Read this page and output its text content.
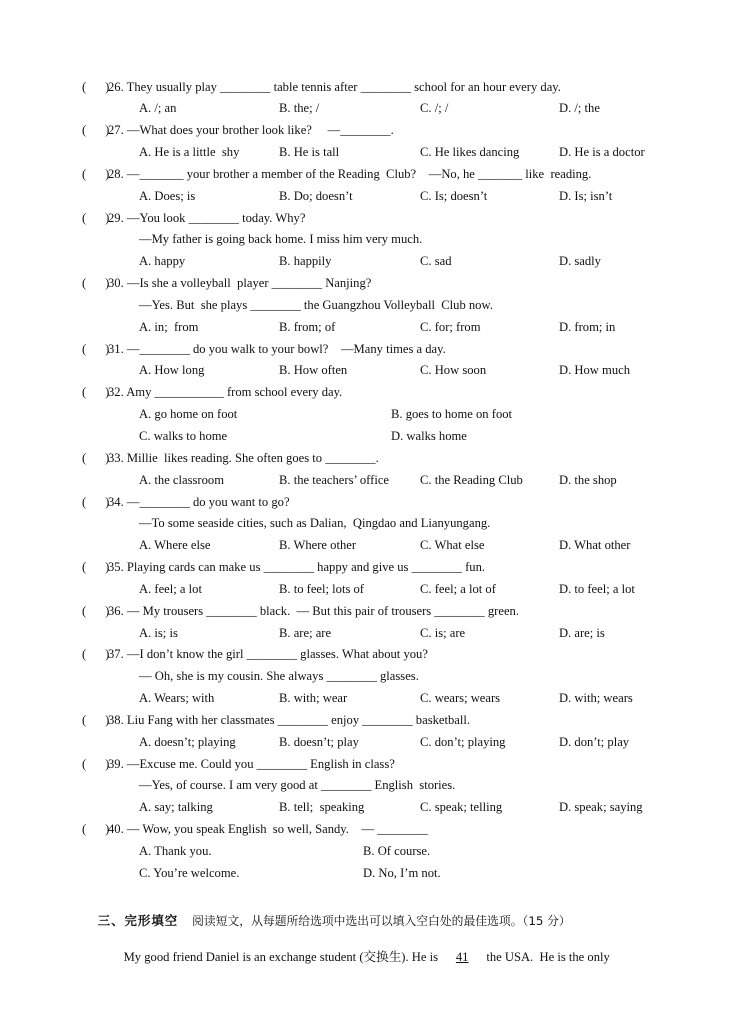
(      )
26. They usually play ________ table tennis after ________ school for an hour every day.
A. /; an	B. the; /	C. /; /	D. /; the
(      )
27. —What does your brother look like?     —________.
A. He is a little  shy	B. He is tall	C. He likes dancing	D. He is a doctor
(      )
28. —_______ your brother a member of the Reading  Club?    —No, he _______ like  reading.
A. Does; is	B. Do; doesn’t	C. Is; doesn’t	D. Is; isn’t
(      )
29. —You look ________ today. Why?
—My father is going back home. I miss him very much.
A. happy	B. happily	C. sad	D. sadly
(      )
30. —Is she a volleyball  player ________ Nanjing?
—Yes. But  she plays ________ the Guangzhou Volleyball  Club now.
A. in;  from	B. from; of	C. for; from	D. from; in
(      )
31. —________ do you walk to your bowl?    —Many times a day.
A. How long	B. How often	C. How soon	D. How much
(      )
32. Amy ___________ from school every day.
A. go home on foot	B. goes to home on foot
C. walks to home	D. walks home
(      )
33. Millie  likes reading. She often goes to ________.
A. the classroom	B. the teachers’ office C. the Reading Club	D. the shop
(      )
34. —________ do you want to go?
—To some seaside cities, such as Dalian,  Qingdao and Lianyungang.
A. Where else	B. Where other	C. What else	D. What other
(      )
35. Playing cards can make us ________ happy and give us ________ fun.
A. feel; a lot	B. to feel; lots of	C. feel; a lot of	D. to feel; a lot
(      )
36. — My trousers ________ black.  — But this pair of trousers ________ green.
A. is; is	B. are; are	C. is; are	D. are; is
(      )
37. —I don’t know the girl ________ glasses. What about you?
— Oh, she is my cousin. She always ________ glasses.
A. Wears; with	B. with; wear	C. wears; wears	D. with; wears
(      )
38. Liu Fang with her classmates ________ enjoy ________ basketball.
A. doesn’t; playing	B. doesn’t; play	C. don’t; playing	D. don’t; play
(      )
39. —Excuse me. Could you ________ English in class?
—Yes, of course. I am very good at ________ English  stories.
A. say; talking	B. tell;  speaking	C. speak; telling	D. speak; saying
(      )
40. — Wow, you speak English  so well, Sandy.    — ________
A. Thank you.	B. Of course.
C. You’re welcome.	D. No, I’m not.

三、完形填空 阅读短文，从每题所给选项中选出可以填入空白处的最佳选项。（15 分）

My good friend Daniel is an exchange student (交换生). He is 41 the USA.  He is the only
